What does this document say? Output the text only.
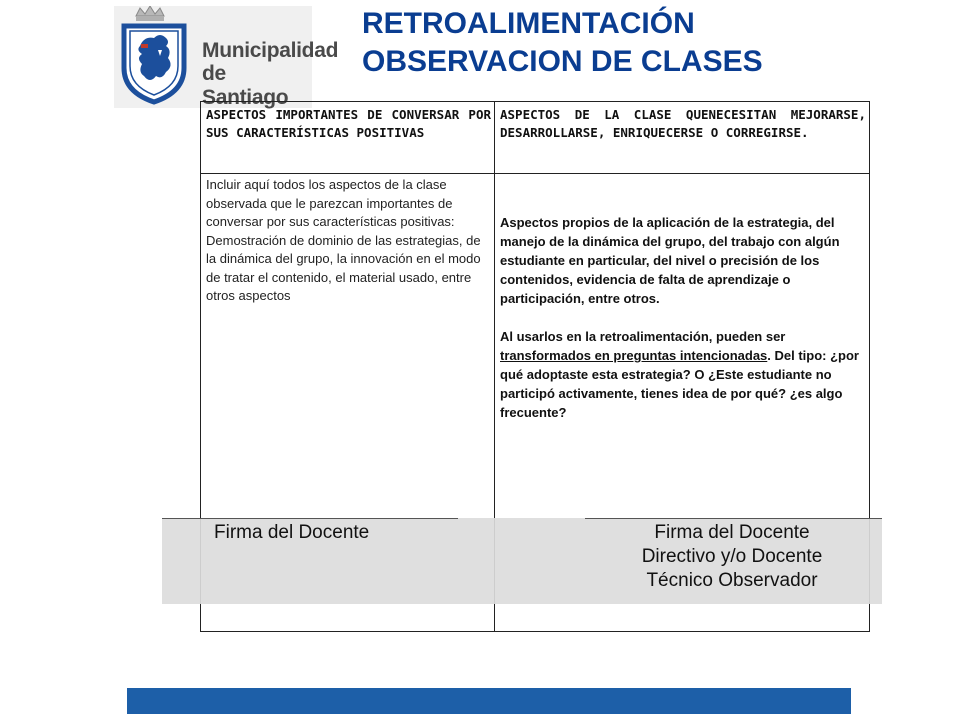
Municipalidad
de Santiago
RETROALIMENTACIÓN
OBSERVACION DE CLASES
ASPECTOS IMPORTANTES DE CONVERSAR POR SUS CARACTERÍSTICAS POSITIVAS
ASPECTOS DE LA CLASE QUENECESITAN MEJORARSE, DESARROLLARSE, ENRIQUECERSE O CORREGIRSE.
Incluir aquí todos los aspectos de la clase observada que le parezcan importantes de conversar por sus características positivas: Demostración de dominio de las estrategias, de la dinámica del grupo, la innovación en el modo de tratar el contenido, el material usado, entre otros aspectos

Aspectos propios de la aplicación de la estrategia, del manejo de la dinámica del grupo, del trabajo con algún estudiante en particular, del nivel o precisión de los contenidos, evidencia de falta de aprendizaje o participación, entre otros.

Al usarlos en la retroalimentación, pueden ser transformados en preguntas intencionadas. Del tipo: ¿por qué adoptaste esta estrategia? O ¿Este estudiante no participó activamente, tienes idea de por qué? ¿es algo frecuente?

Firma del Docente	Firma del Docente
Directivo y/o Docente
Técnico Observador
